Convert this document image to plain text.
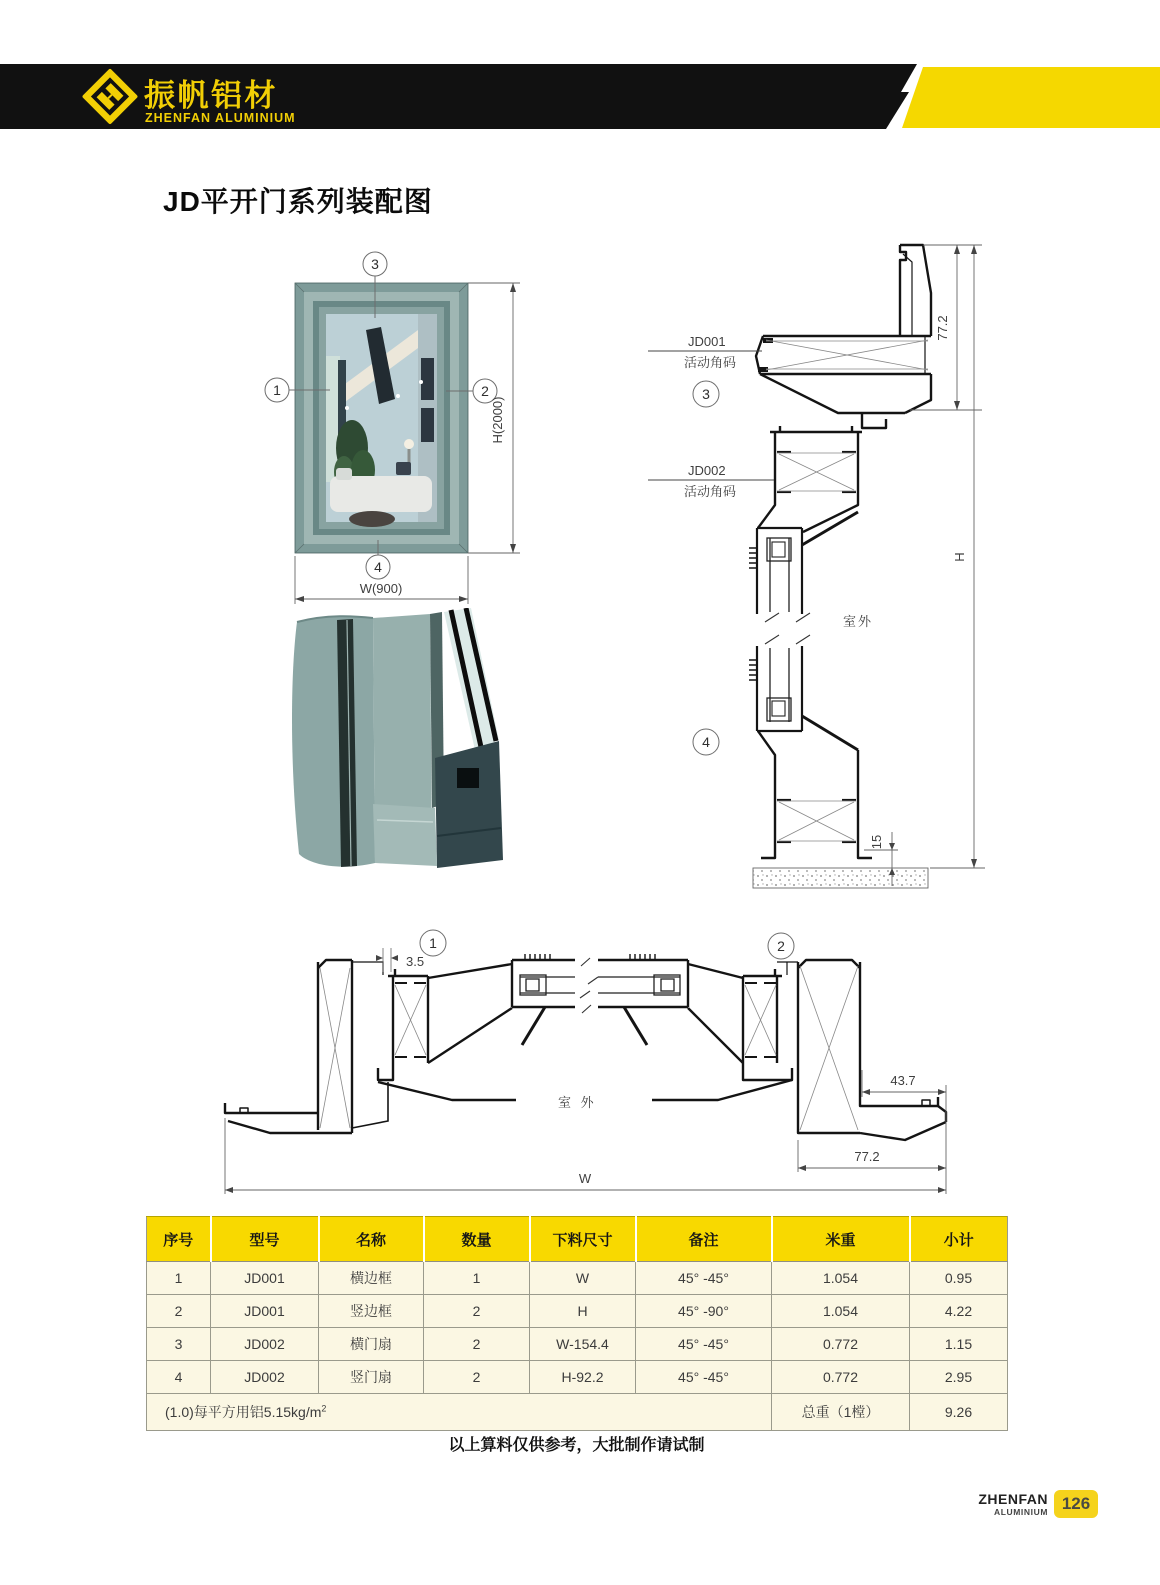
振帆铝材
ZHENFAN ALUMINIUM
JD平开门系列装配图
3
1	2
4
H(2000)
W(900)
77.2
H
15
JD001
活动角码
JD002
活动角码
3
4
室外
3.5
1	2
43.7
77.2
W
室 外
序号	型号	名称	数量	下料尺寸	备注	米重	小计
1	JD001	横边框	1	W	45° -45°	1.054	0.95
2	JD001	竖边框	2	H	45° -90°	1.054	4.22
3	JD002	横门扇	2	W-154.4	45° -45°	0.772	1.15
4	JD002	竖门扇	2	H-92.2	45° -45°	0.772	2.95
(1.0)每平方用铝$5.15kg/m^2$						总重（1樘）	9.26
以上算料仅供参考，大批制作请试制
ZHENFAN
ALUMINIUM 126
